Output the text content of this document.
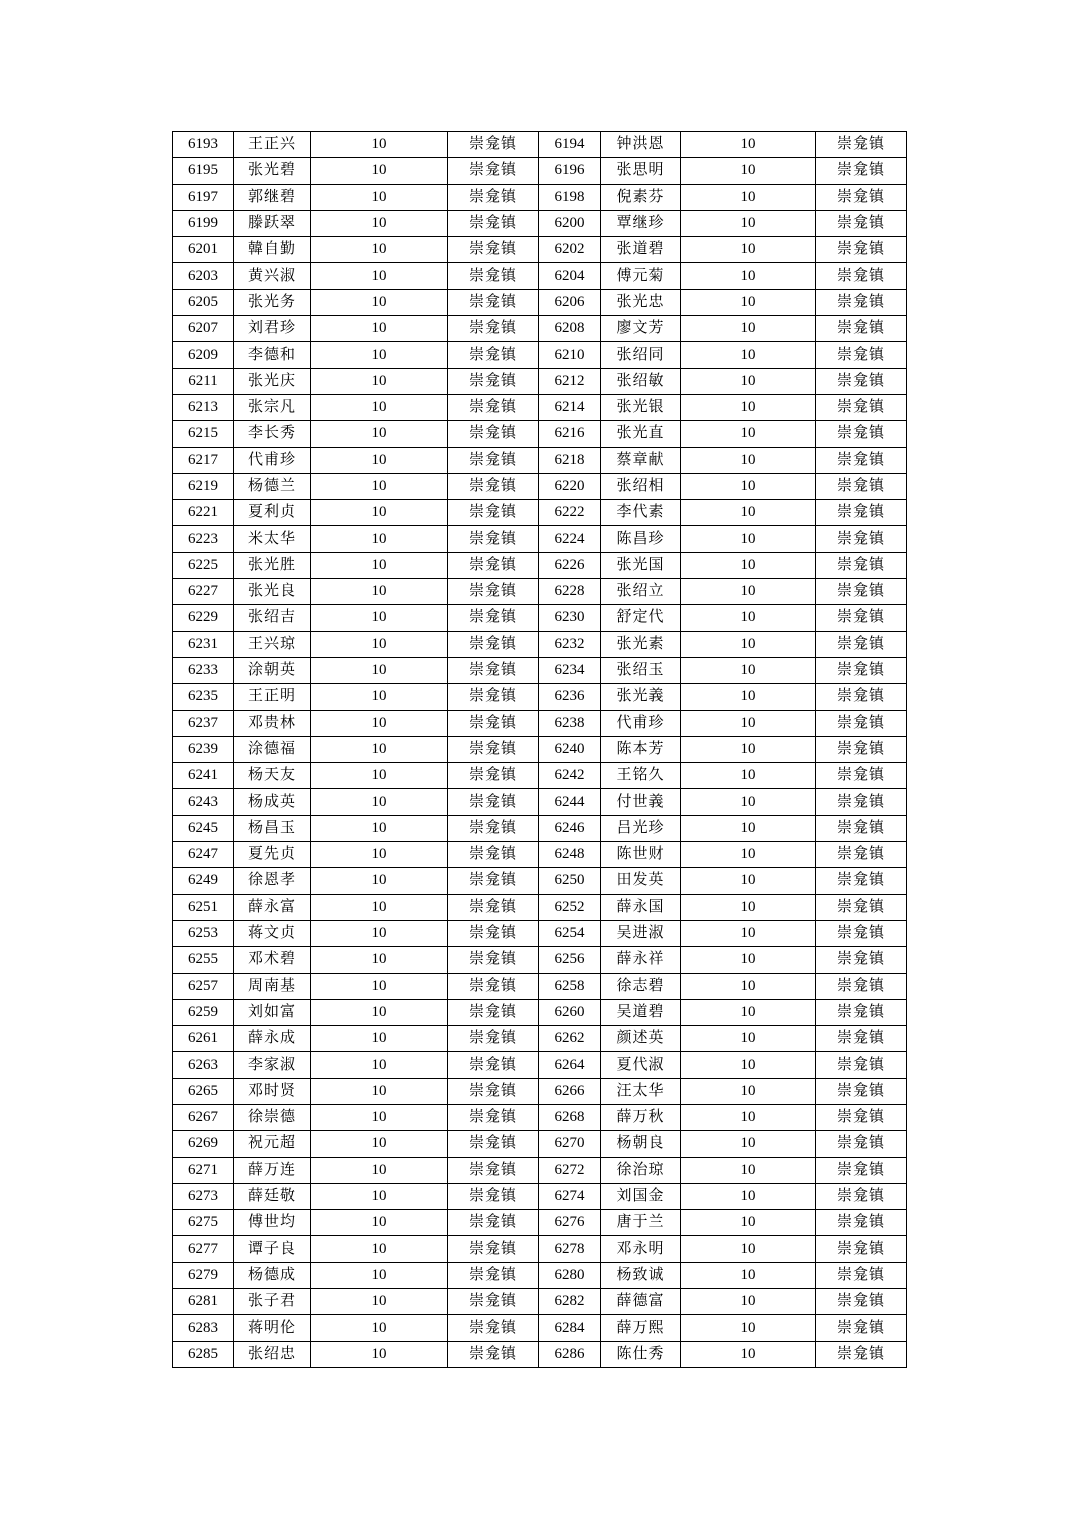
6193	王正兴	10	崇龛镇	6194	钟洪恩	10	崇龛镇
6195	张光碧	10	崇龛镇	6196	张思明	10	崇龛镇
6197	郭继碧	10	崇龛镇	6198	倪素芬	10	崇龛镇
6199	滕跃翠	10	崇龛镇	6200	覃继珍	10	崇龛镇
6201	韓自勤	10	崇龛镇	6202	张道碧	10	崇龛镇
6203	黄兴淑	10	崇龛镇	6204	傅元菊	10	崇龛镇
6205	张光务	10	崇龛镇	6206	张光忠	10	崇龛镇
6207	刘君珍	10	崇龛镇	6208	廖文芳	10	崇龛镇
6209	李德和	10	崇龛镇	6210	张绍同	10	崇龛镇
6211	张光庆	10	崇龛镇	6212	张绍敏	10	崇龛镇
6213	张宗凡	10	崇龛镇	6214	张光银	10	崇龛镇
6215	李长秀	10	崇龛镇	6216	张光直	10	崇龛镇
6217	代甫珍	10	崇龛镇	6218	蔡章献	10	崇龛镇
6219	杨德兰	10	崇龛镇	6220	张绍相	10	崇龛镇
6221	夏利贞	10	崇龛镇	6222	李代素	10	崇龛镇
6223	米太华	10	崇龛镇	6224	陈昌珍	10	崇龛镇
6225	张光胜	10	崇龛镇	6226	张光国	10	崇龛镇
6227	张光良	10	崇龛镇	6228	张绍立	10	崇龛镇
6229	张绍吉	10	崇龛镇	6230	舒定代	10	崇龛镇
6231	王兴琼	10	崇龛镇	6232	张光素	10	崇龛镇
6233	涂朝英	10	崇龛镇	6234	张绍玉	10	崇龛镇
6235	王正明	10	崇龛镇	6236	张光義	10	崇龛镇
6237	邓贵林	10	崇龛镇	6238	代甫珍	10	崇龛镇
6239	涂德福	10	崇龛镇	6240	陈本芳	10	崇龛镇
6241	杨天友	10	崇龛镇	6242	王铭久	10	崇龛镇
6243	杨成英	10	崇龛镇	6244	付世義	10	崇龛镇
6245	杨昌玉	10	崇龛镇	6246	吕光珍	10	崇龛镇
6247	夏先贞	10	崇龛镇	6248	陈世财	10	崇龛镇
6249	徐恩孝	10	崇龛镇	6250	田发英	10	崇龛镇
6251	薛永富	10	崇龛镇	6252	薛永国	10	崇龛镇
6253	蒋文贞	10	崇龛镇	6254	吴进淑	10	崇龛镇
6255	邓术碧	10	崇龛镇	6256	薛永祥	10	崇龛镇
6257	周南基	10	崇龛镇	6258	徐志碧	10	崇龛镇
6259	刘如富	10	崇龛镇	6260	吴道碧	10	崇龛镇
6261	薛永成	10	崇龛镇	6262	颜述英	10	崇龛镇
6263	李家淑	10	崇龛镇	6264	夏代淑	10	崇龛镇
6265	邓时贤	10	崇龛镇	6266	汪太华	10	崇龛镇
6267	徐崇德	10	崇龛镇	6268	薛万秋	10	崇龛镇
6269	祝元超	10	崇龛镇	6270	杨朝良	10	崇龛镇
6271	薛万连	10	崇龛镇	6272	徐治琼	10	崇龛镇
6273	薛廷敬	10	崇龛镇	6274	刘国金	10	崇龛镇
6275	傅世均	10	崇龛镇	6276	唐于兰	10	崇龛镇
6277	谭子良	10	崇龛镇	6278	邓永明	10	崇龛镇
6279	杨德成	10	崇龛镇	6280	杨致诚	10	崇龛镇
6281	张子君	10	崇龛镇	6282	薛德富	10	崇龛镇
6283	蒋明伦	10	崇龛镇	6284	薛万熙	10	崇龛镇
6285	张绍忠	10	崇龛镇	6286	陈仕秀	10	崇龛镇
